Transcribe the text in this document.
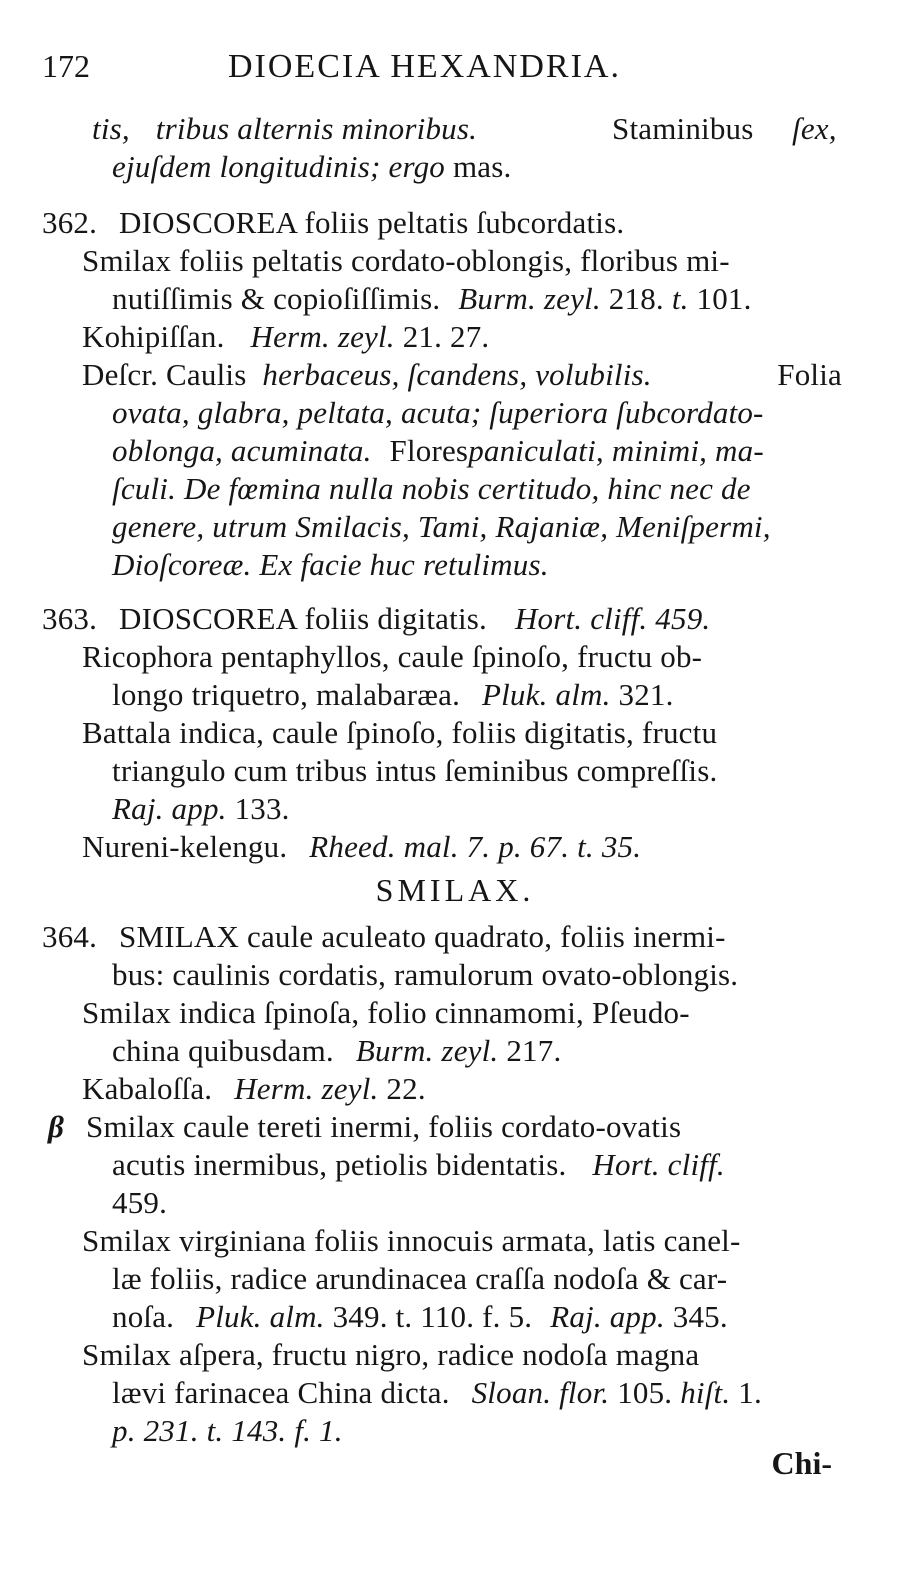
172	DIOECIA HEXANDRIA.
tis, tribus alternis minoribus.	Staminibus ſex,
ejuſdem longitudinis; ergo mas.
362. DIOSCOREA foliis peltatis ſubcordatis.
Smilax foliis peltatis cordato-oblongis, floribus mi-
nutiſſimis & copioſiſſimis. Burm. zeyl. 218. t. 101.
Kohipiſſan. Herm. zeyl. 21. 27.
Deſcr. Caulis herbaceus, ſcandens, volubilis.	Folia
ovata, glabra, peltata, acuta; ſuperiora ſubcordato-
oblonga, acuminata. Florespaniculati, minimi, ma-
ſculi. De fœmina nulla nobis certitudo, hinc nec de
genere, utrum Smilacis, Tami, Rajaniæ, Meniſpermi,
Dioſcoreæ. Ex facie huc retulimus.
363. DIOSCOREA foliis digitatis. Hort. cliff. 459.
Ricophora pentaphyllos, caule ſpinoſo, fructu ob-
longo triquetro, malabaræa. Pluk. alm. 321.
Battala indica, caule ſpinoſo, foliis digitatis, fructu
triangulo cum tribus intus ſeminibus compreſſis.
Raj. app. 133.
Nureni-kelengu. Rheed. mal. 7. p. 67. t. 35.
SMILAX.
364. SMILAX caule aculeato quadrato, foliis inermi-
bus: caulinis cordatis, ramulorum ovato-oblongis.
Smilax indica ſpinoſa, folio cinnamomi, Pſeudo-
china quibusdam. Burm. zeyl. 217.
Kabaloſſa. Herm. zeyl. 22.
β Smilax caule tereti inermi, foliis cordato-ovatis
acutis inermibus, petiolis bidentatis. Hort. cliff.
459.
Smilax virginiana foliis innocuis armata, latis canel-
læ foliis, radice arundinacea craſſa nodoſa & car-
noſa. Pluk. alm. 349. t. 110. f. 5. Raj. app. 345.
Smilax aſpera, fructu nigro, radice nodoſa magna
lævi farinacea China dicta. Sloan. flor. 105. hiſt. 1.
p. 231. t. 143. f. 1.
Chi-
